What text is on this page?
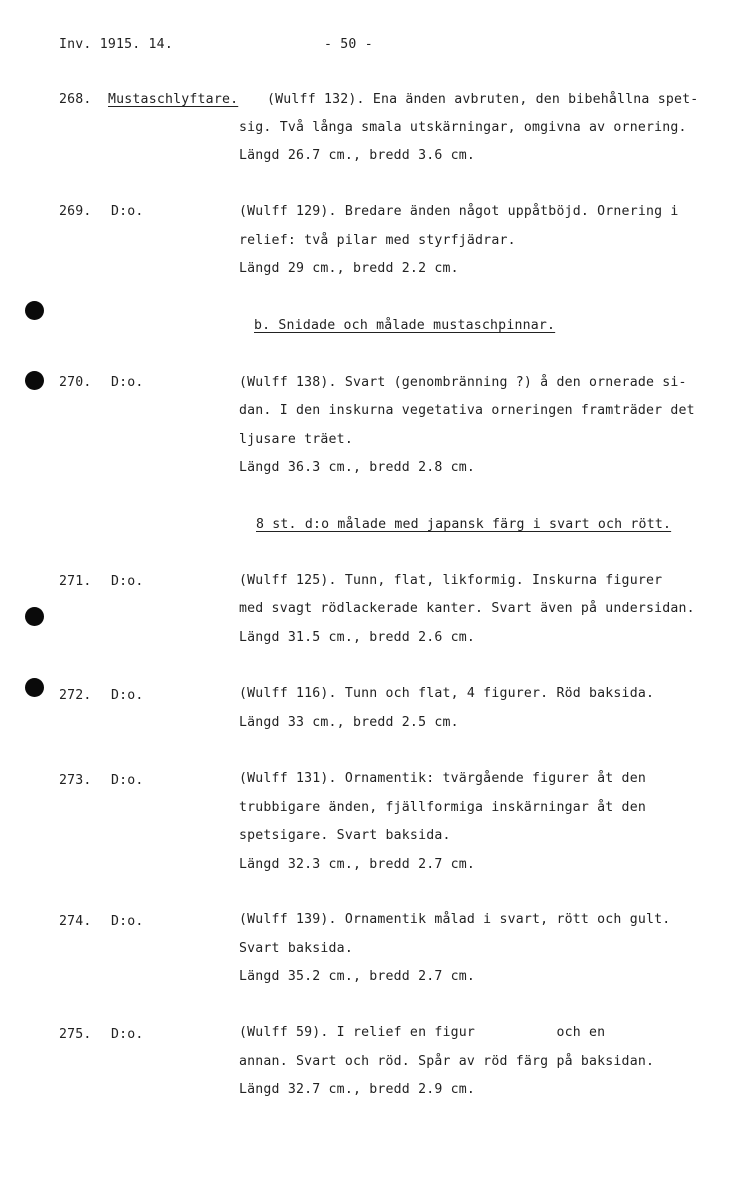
Inv. 1915. 14.	- 50 -
268. Mustaschlyftare. (Wulff 132). Ena änden avbruten, den bibehållna spet-
sig. Två långa smala utskärningar, omgivna av ornering.
Längd 26.7 cm., bredd 3.6 cm.
269. D:o.	(Wulff 129). Bredare änden något uppåtböjd. Ornering i
relief: två pilar med styrfjädrar.
Längd 29 cm., bredd 2.2 cm.
b. Snidade och målade mustaschpinnar.
270. D:o.	(Wulff 138). Svart (genombränning ?) å den ornerade si-
dan. I den inskurna vegetativa orneringen framträder det
ljusare träet.
Längd 36.3 cm., bredd 2.8 cm.
8 st. d:o målade med japansk färg i svart och rött.
271. D:o.	(Wulff 125). Tunn, flat, likformig. Inskurna figurer
med svagt rödlackerade kanter. Svart även på undersidan.
Längd 31.5 cm., bredd 2.6 cm.
272. D:o.	(Wulff 116). Tunn och flat, 4 figurer. Röd baksida.
Längd 33 cm., bredd 2.5 cm.
273. D:o.	(Wulff 131). Ornamentik: tvärgående figurer åt den
trubbigare änden, fjällformiga inskärningar åt den
spetsigare. Svart baksida.
Längd 32.3 cm., bredd 2.7 cm.
274. D:o.	(Wulff 139). Ornamentik målad i svart, rött och gult.
Svart baksida.
Längd 35.2 cm., bredd 2.7 cm.
275. D:o.	(Wulff 59). I relief en figur          och en
annan. Svart och röd. Spår av röd färg på baksidan.
Längd 32.7 cm., bredd 2.9 cm.
